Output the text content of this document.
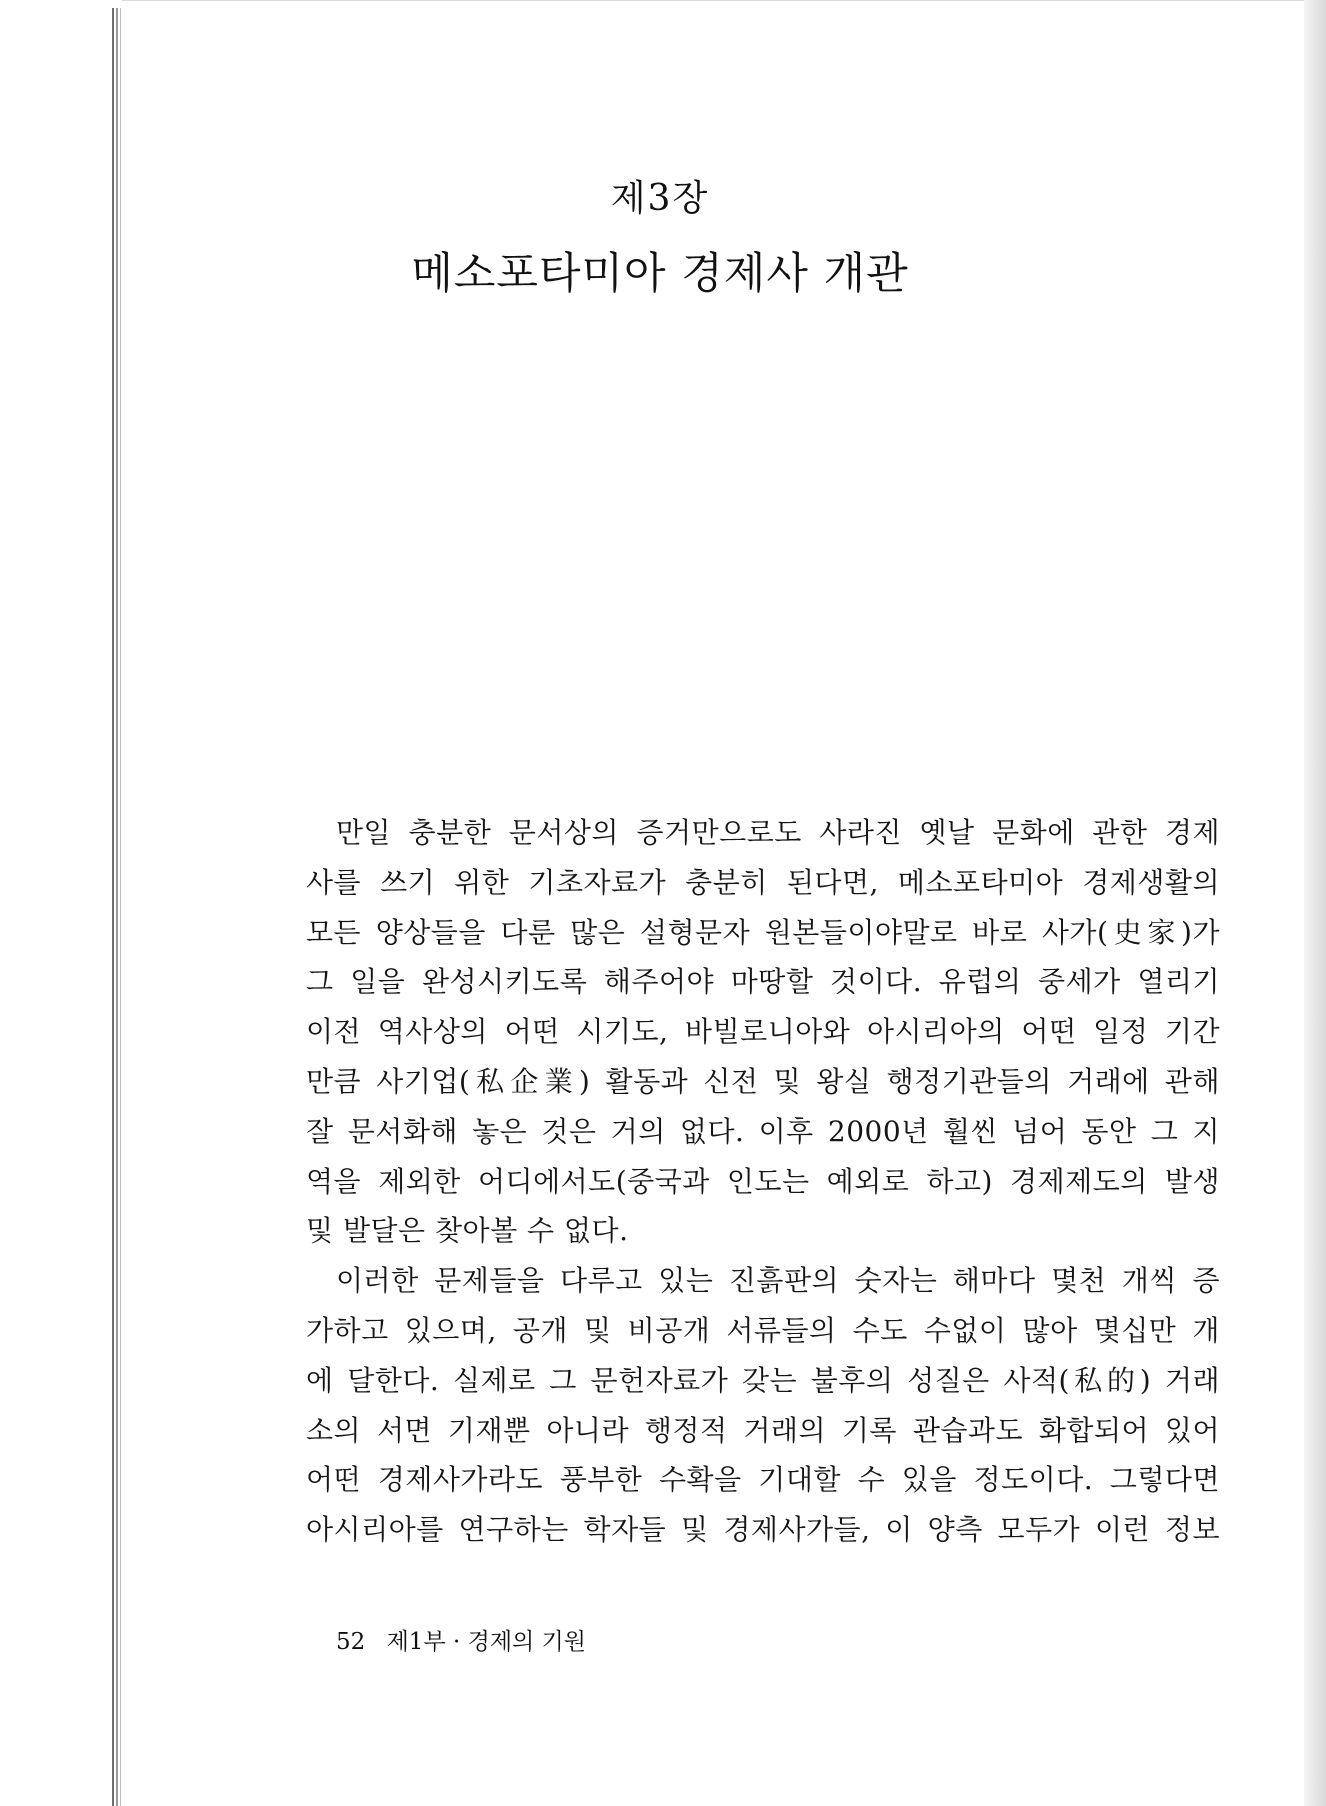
제3장
메소포타미아 경제사 개관
만일 충분한 문서상의 증거만으로도 사라진 옛날 문화에 관한 경제
사를 쓰기 위한 기초자료가 충분히 된다면, 메소포타미아 경제생활의
모든 양상들을 다룬 많은 설형문자 원본들이야말로 바로 사가(史家)가
그 일을 완성시키도록 해주어야 마땅할 것이다. 유럽의 중세가 열리기
이전 역사상의 어떤 시기도, 바빌로니아와 아시리아의 어떤 일정 기간
만큼 사기업(私企業) 활동과 신전 및 왕실 행정기관들의 거래에 관해
잘 문서화해 놓은 것은 거의 없다. 이후 2000년 훨씬 넘어 동안 그 지
역을 제외한 어디에서도(중국과 인도는 예외로 하고) 경제제도의 발생
및 발달은 찾아볼 수 없다.
이러한 문제들을 다루고 있는 진흙판의 숫자는 해마다 몇천 개씩 증
가하고 있으며, 공개 및 비공개 서류들의 수도 수없이 많아 몇십만 개
에 달한다. 실제로 그 문헌자료가 갖는 불후의 성질은 사적(私的) 거래
소의 서면 기재뿐 아니라 행정적 거래의 기록 관습과도 화합되어 있어
어떤 경제사가라도 풍부한 수확을 기대할 수 있을 정도이다. 그렇다면
아시리아를 연구하는 학자들 및 경제사가들, 이 양측 모두가 이런 정보
52 제1부 · 경제의 기원
